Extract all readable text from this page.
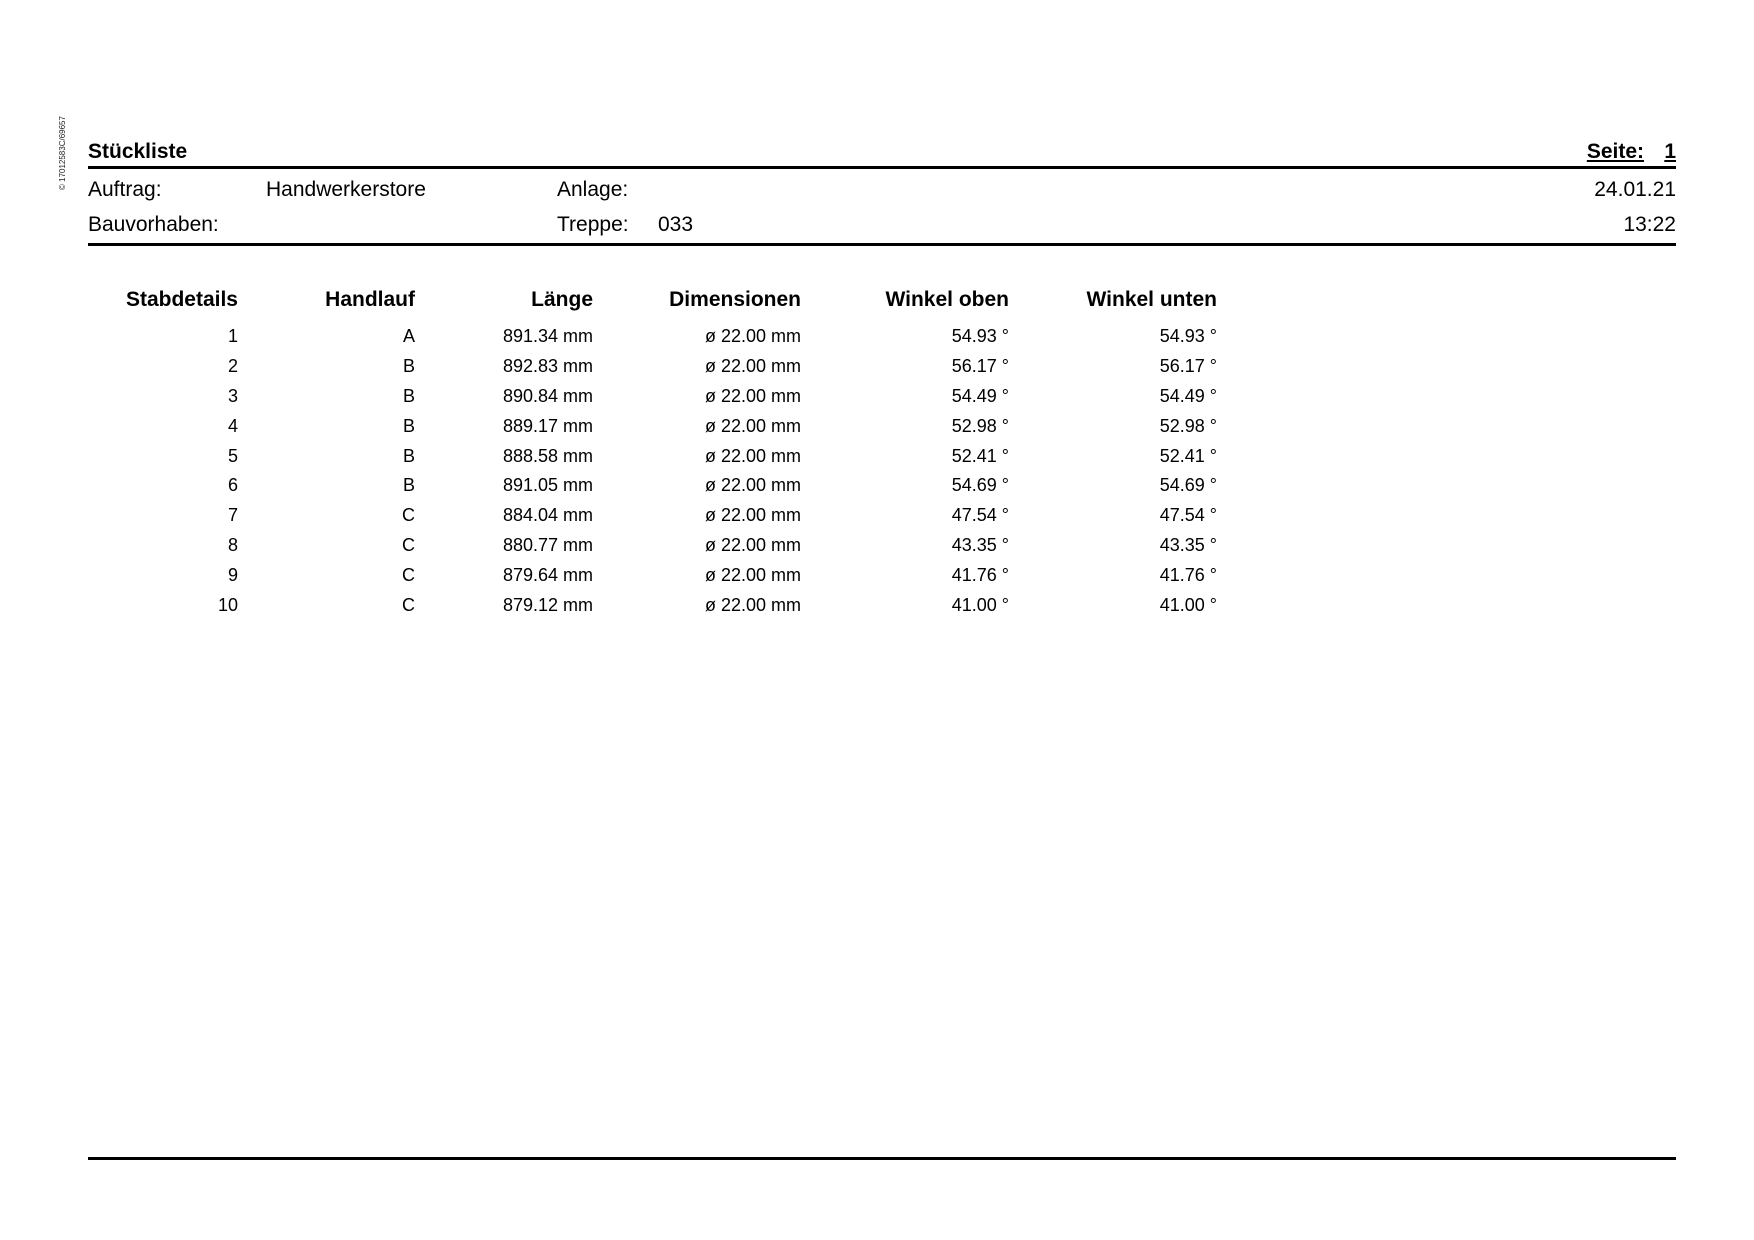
© 17012583C/69657 Stückliste	Seite: 1
Auftrag:	Handwerkerstore	Anlage:	24.01.21
Bauvorhaben:	Treppe: 033	13:22
Stabdetails	Handlauf	Länge	Dimensionen	Winkel oben	Winkel unten
1	A	891.34 mm	ø 22.00 mm	54.93 °	54.93 °
2	B	892.83 mm	ø 22.00 mm	56.17 °	56.17 °
3	B	890.84 mm	ø 22.00 mm	54.49 °	54.49 °
4	B	889.17 mm	ø 22.00 mm	52.98 °	52.98 °
5	B	888.58 mm	ø 22.00 mm	52.41 °	52.41 °
6	B	891.05 mm	ø 22.00 mm	54.69 °	54.69 °
7	C	884.04 mm	ø 22.00 mm	47.54 °	47.54 °
8	C	880.77 mm	ø 22.00 mm	43.35 °	43.35 °
9	C	879.64 mm	ø 22.00 mm	41.76 °	41.76 °
10	C	879.12 mm	ø 22.00 mm	41.00 °	41.00 °
